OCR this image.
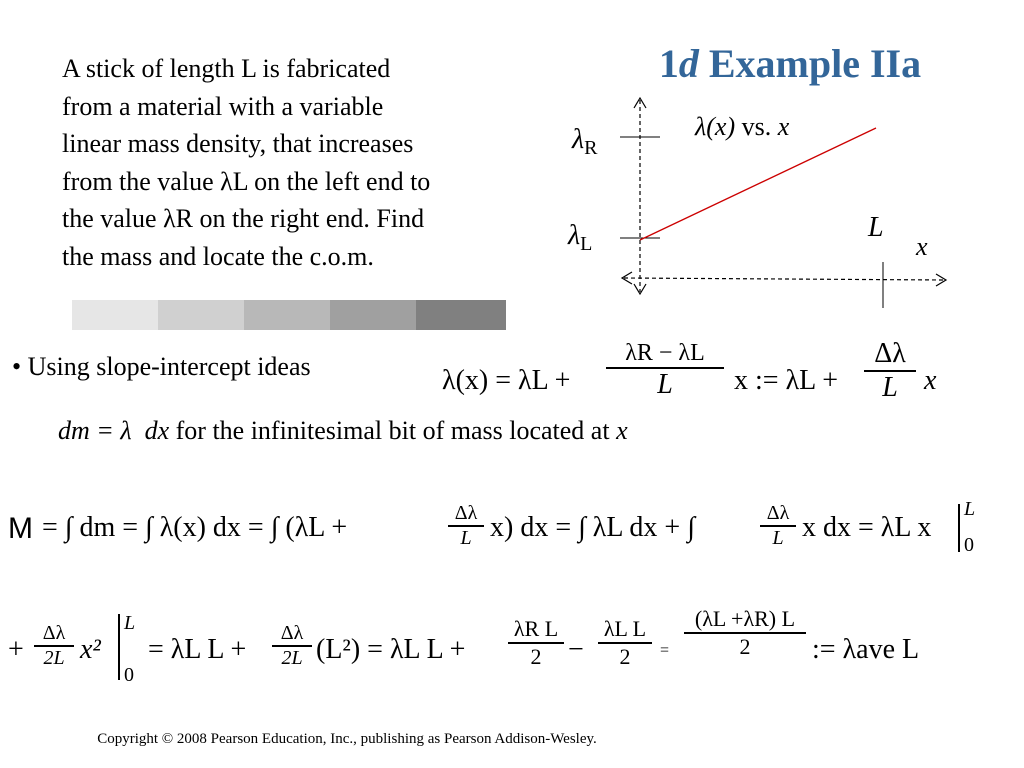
1d Example IIa
A stick of length L is fabricated
from a material with a variable
linear mass density, that increases
from the value λL on the left end to
the value λR on the right end. Find
the mass and locate the c.o.m.
λ(x) vs. x
$\lambda_R$
$\lambda_L$
L
x
• Using slope-intercept ideas
dm = λ  dx for the infinitesimal bit of mass located at x
λ(x) = λL +
λR − λL
L	x := λL +
Δλ
L x
M = ∫ dm = ∫ λ(x) dx = ∫ (λL +	Δλ
L x) dx = ∫ λL dx + ∫	Δλ
L x dx = λL x
L
0
+
Δλ
2L x²
L
0
= λL L +
Δλ
2L (L²) = λL L +
λR L
2 −
λL L
2	=
(λL +λR) L
2	:= λave L
Copyright © 2008 Pearson Education, Inc., publishing as Pearson Addison-Wesley.
